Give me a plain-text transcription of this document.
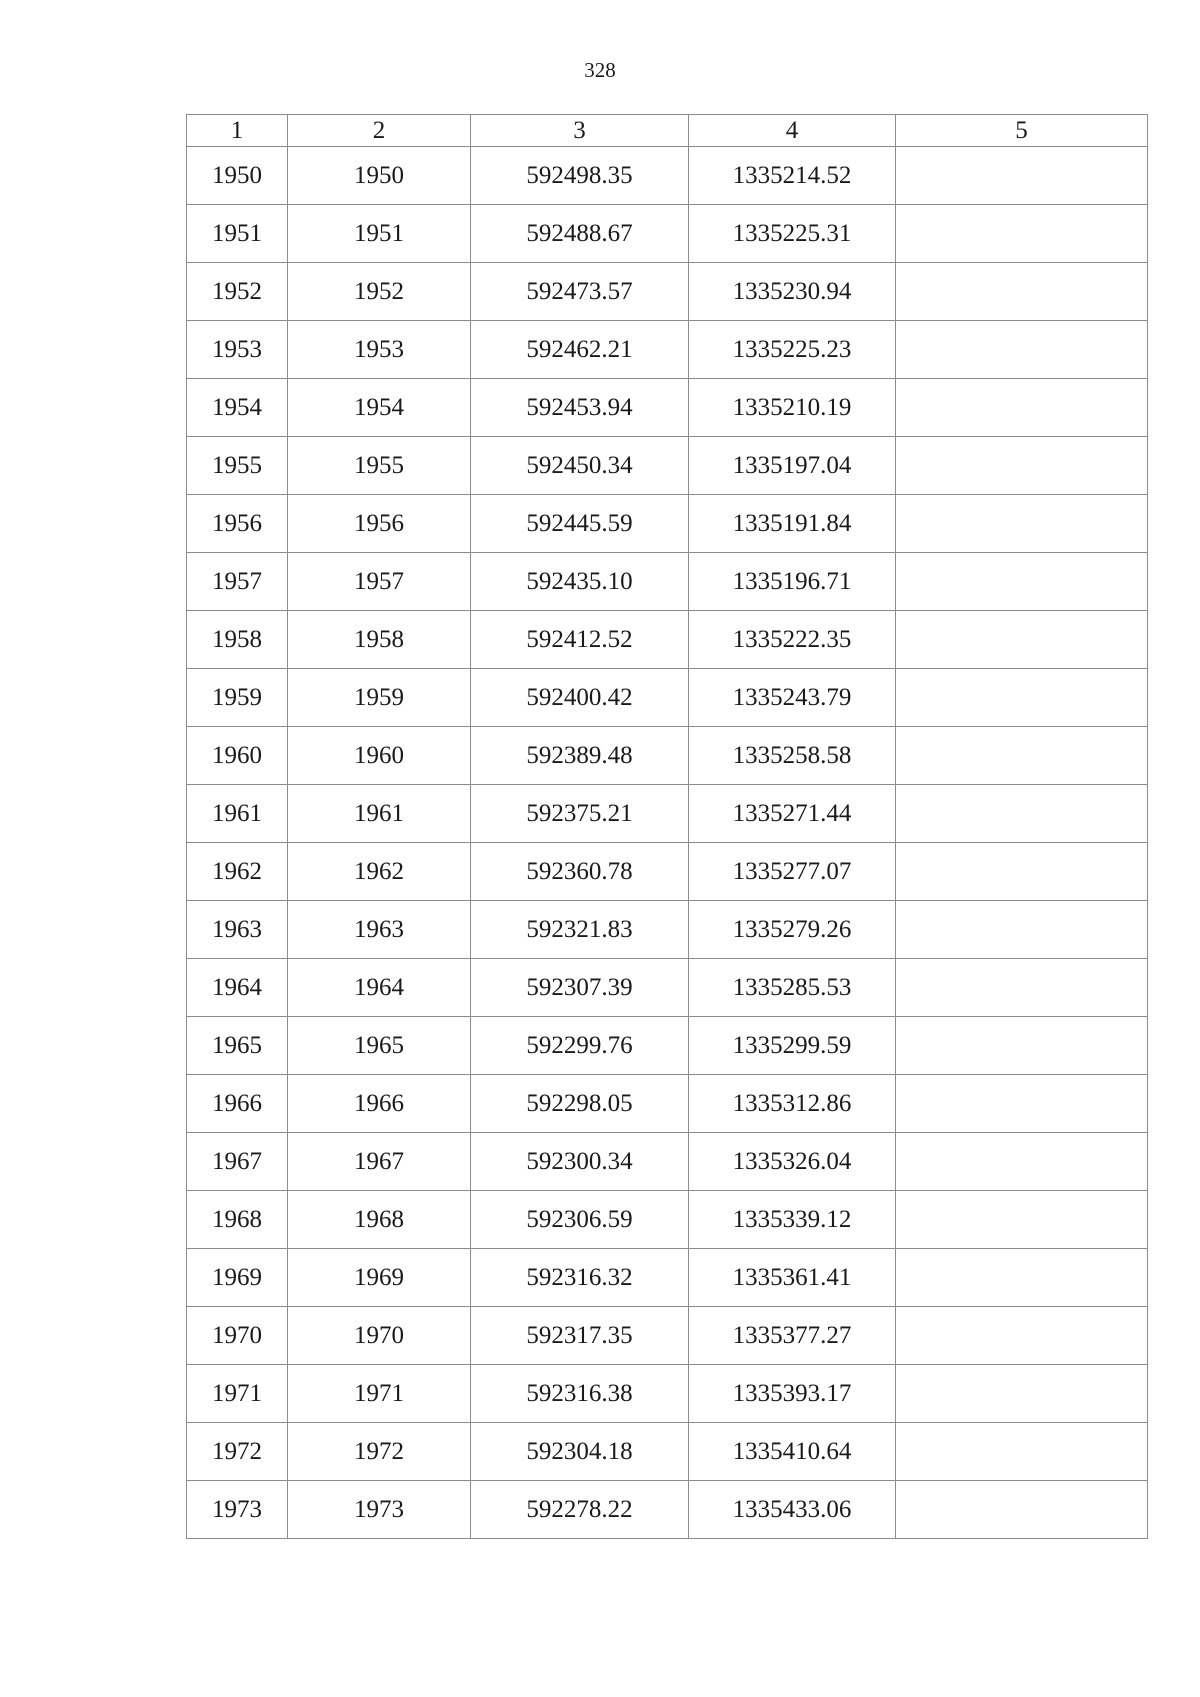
328
1	2	3	4	5
1950	1950	592498.35	1335214.52	
1951	1951	592488.67	1335225.31	
1952	1952	592473.57	1335230.94	
1953	1953	592462.21	1335225.23	
1954	1954	592453.94	1335210.19	
1955	1955	592450.34	1335197.04	
1956	1956	592445.59	1335191.84	
1957	1957	592435.10	1335196.71	
1958	1958	592412.52	1335222.35	
1959	1959	592400.42	1335243.79	
1960	1960	592389.48	1335258.58	
1961	1961	592375.21	1335271.44	
1962	1962	592360.78	1335277.07	
1963	1963	592321.83	1335279.26	
1964	1964	592307.39	1335285.53	
1965	1965	592299.76	1335299.59	
1966	1966	592298.05	1335312.86	
1967	1967	592300.34	1335326.04	
1968	1968	592306.59	1335339.12	
1969	1969	592316.32	1335361.41	
1970	1970	592317.35	1335377.27	
1971	1971	592316.38	1335393.17	
1972	1972	592304.18	1335410.64	
1973	1973	592278.22	1335433.06	
